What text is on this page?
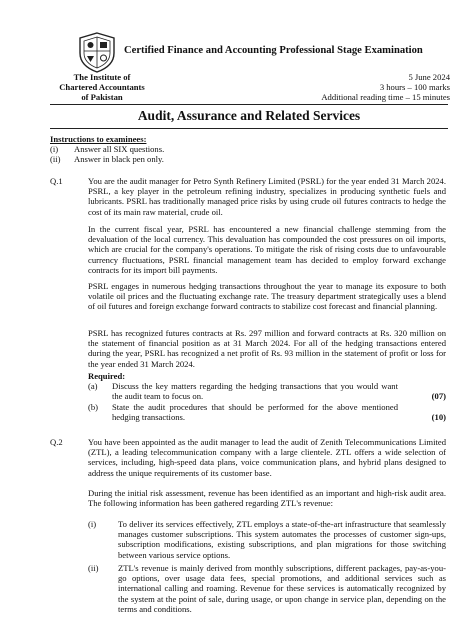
Certified Finance and Accounting Professional Stage Examination
The Institute of
Chartered Accountants
of Pakistan
5 June 2024
3 hours – 100 marks
Additional reading time – 15 minutes
Audit, Assurance and Related Services
Instructions to examinees:
(i)	Answer all SIX questions.
(ii)	Answer in black pen only.
Q.1	You are the audit manager for Petro Synth Refinery Limited (PSRL) for the year ended 31 March 2024. PSRL, a key player in the petroleum refining industry, specializes in producing synthetic fuels and lubricants. PSRL has traditionally managed price risks by using crude oil futures contracts to hedge the cost of its main raw material, crude oil.

In the current fiscal year, PSRL has encountered a new financial challenge stemming from the devaluation of the local currency. This devaluation has compounded the cost pressures on oil imports, which are crucial for the company's operations. To mitigate the risk of rising costs due to unfavourable currency fluctuations, PSRL financial management team has decided to employ forward exchange contracts for its import bill payments.

PSRL engages in numerous hedging transactions throughout the year to manage its exposure to both volatile oil prices and the fluctuating exchange rate. The treasury department strategically uses a blend of oil futures and foreign exchange forward contracts to stabilize cost forecast and financial planning.

PSRL has recognized futures contracts at Rs. 297 million and forward contracts at Rs. 320 million on the statement of financial position as at 31 March 2024. For all of the hedging transactions entered during the year, PSRL has recognized a net profit of Rs. 93 million in the statement of profit or loss for the year ended 31 March 2024.

Required:
(a)	Discuss the key matters regarding the hedging transactions that you would want the audit team to focus on.	(07)
(b)	State the audit procedures that should be performed for the above mentioned hedging transactions.	(10)
Q.2	You have been appointed as the audit manager to lead the audit of Zenith Telecommunications Limited (ZTL), a leading telecommunication company with a large clientele. ZTL offers a wide selection of services, including, high-speed data plans, voice communication plans, and hybrid plans designed to address the unique requirements of its customer base.

During the initial risk assessment, revenue has been identified as an important and high-risk audit area. The following information has been gathered regarding ZTL's revenue:

(i)	To deliver its services effectively, ZTL employs a state-of-the-art infrastructure that seamlessly manages customer subscriptions. This system automates the processes of customer sign-ups, subscription modifications, existing subscriptions, and plan migrations for those switching between various service options.
(ii)	ZTL's revenue is mainly derived from monthly subscriptions, different packages, pay-as-you-go options, over usage data fees, special promotions, and additional services such as international calling and roaming. Revenue for these services is automatically recognized by the system at the point of sale, during usage, or upon change in service plan, depending on the terms and conditions.
